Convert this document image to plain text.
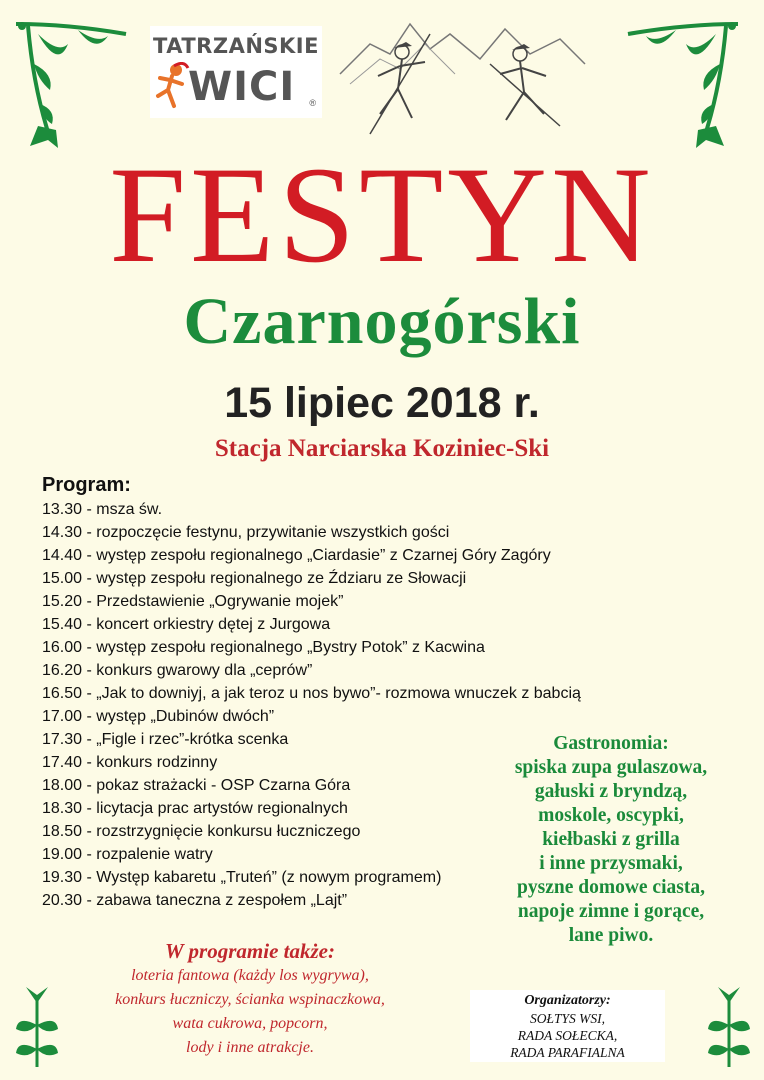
TATRZAŃSKIE
WICI ®
FESTYN
Czarnogórski
15 lipiec 2018 r.
Stacja Narciarska Koziniec-Ski
Program:
13.30 - msza św.
14.30 - rozpoczęcie festynu, przywitanie wszystkich gości
14.40 - występ zespołu regionalnego „Ciardasie” z Czarnej Góry Zagóry
15.00 - występ zespołu regionalnego ze Ździaru ze Słowacji
15.20 - Przedstawienie „Ogrywanie mojek”
15.40 - koncert orkiestry dętej z Jurgowa
16.00 - występ zespołu regionalnego „Bystry Potok” z Kacwina
16.20 - konkurs gwarowy dla „ceprów”
16.50 - „Jak to downiyj, a jak teroz u nos bywo”- rozmowa wnuczek z babcią
17.00 - występ „Dubinów dwóch”
17.30 - „Figle i rzec”-krótka scenka
17.40 - konkurs rodzinny
18.00 - pokaz strażacki - OSP Czarna Góra
18.30 - licytacja prac artystów regionalnych
18.50 - rozstrzygnięcie konkursu łuczniczego
19.00 - rozpalenie watry
19.30 - Występ kabaretu „Truteń” (z nowym programem)
20.30 - zabawa taneczna z zespołem „Lajt”
Gastronomia:
spiska zupa gulaszowa,
gałuski z bryndzą,
moskole, oscypki,
kiełbaski z grilla
i inne przysmaki,
pyszne domowe ciasta,
napoje zimne i gorące,
lane piwo.
W programie także:
loteria fantowa (każdy los wygrywa),
konkurs łuczniczy, ścianka wspinaczkowa,
wata cukrowa, popcorn,
lody i inne atrakcje.
Organizatorzy:
SOŁTYS WSI,
RADA SOŁECKA,
RADA PARAFIALNA
